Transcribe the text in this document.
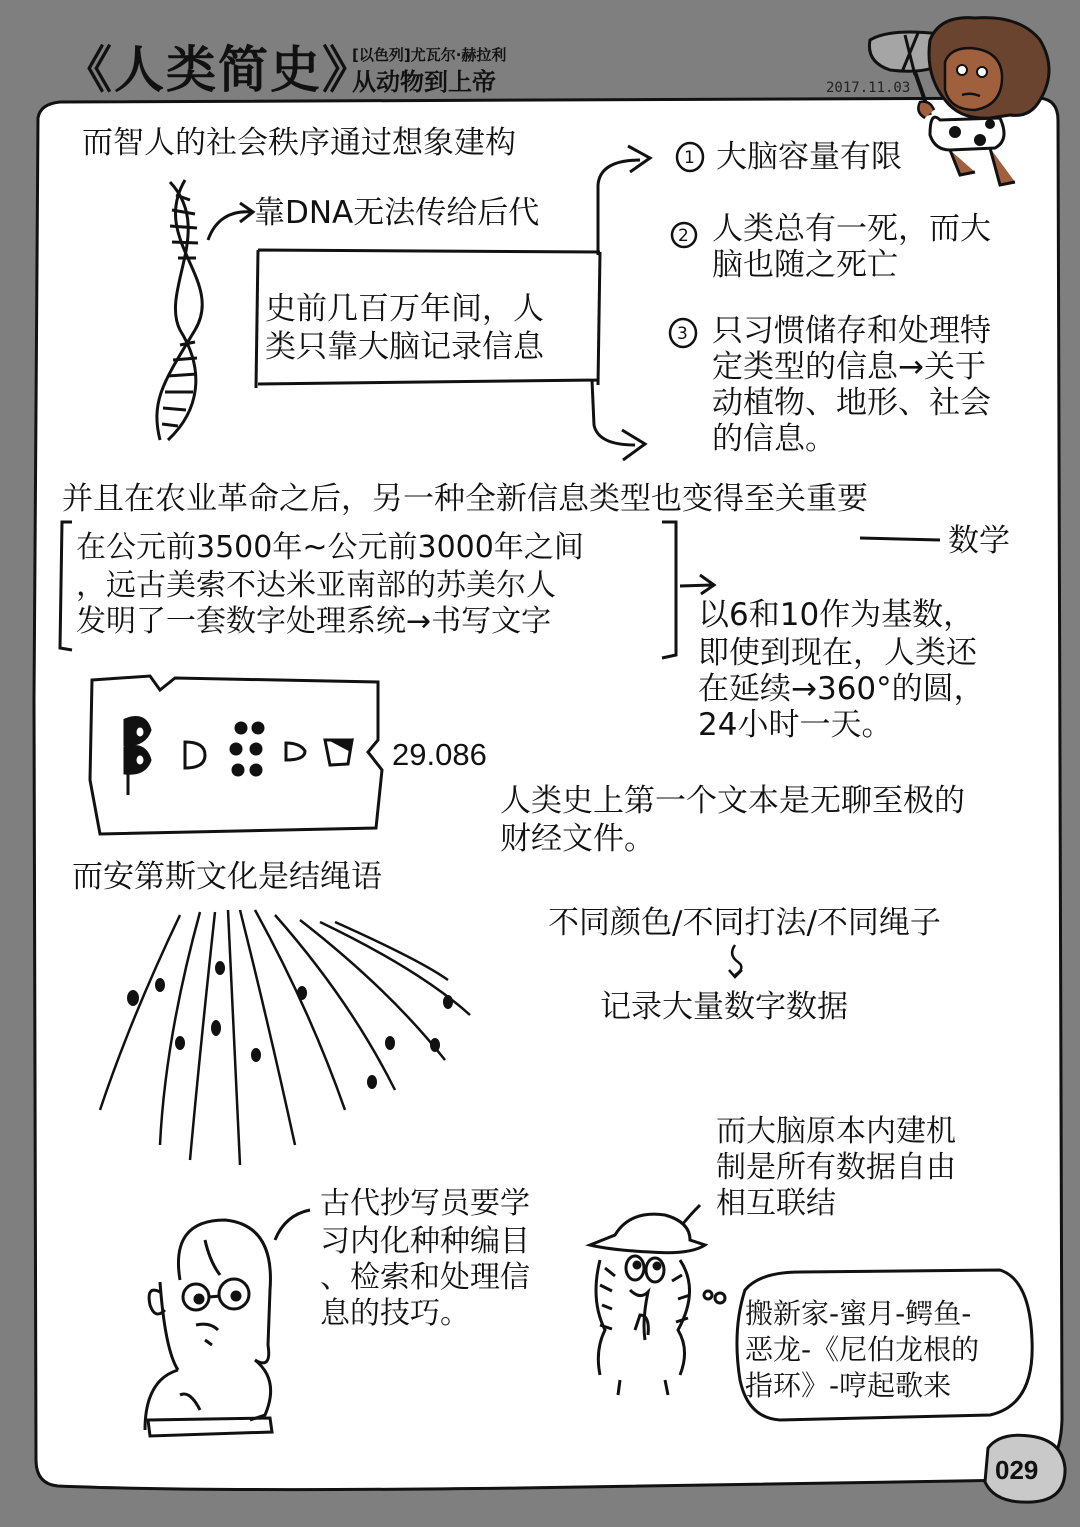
1
2
3
《人类简史》
[以色列]尤瓦尔·赫拉利
从动物到上帝	2017.11.03
而智人的社会秩序通过想象建构
靠DNA无法传给后代
史前几百万年间，人
类只靠大脑记录信息
大脑容量有限
人类总有一死，而大
脑也随之死亡
只习惯储存和处理特
定类型的信息→关于
动植物、地形、社会
的信息。
并且在农业革命之后，另一种全新信息类型也变得至关重要
数学
在公元前3500年~公元前3000年之间
，远古美索不达米亚南部的苏美尔人
发明了一套数字处理系统→书写文字	以6和10作为基数，
即使到现在，人类还
在延续→360°的圆，
24小时一天。
29.086
人类史上第一个文本是无聊至极的
财经文件。
而安第斯文化是结绳语
不同颜色/不同打法/不同绳子
记录大量数字数据
而大脑原本内建机
制是所有数据自由
相互联结
古代抄写员要学
习内化种种编目
、检索和处理信
息的技巧。	搬新家-蜜月-鳄鱼-
恶龙-《尼伯龙根的
指环》-哼起歌来
029
